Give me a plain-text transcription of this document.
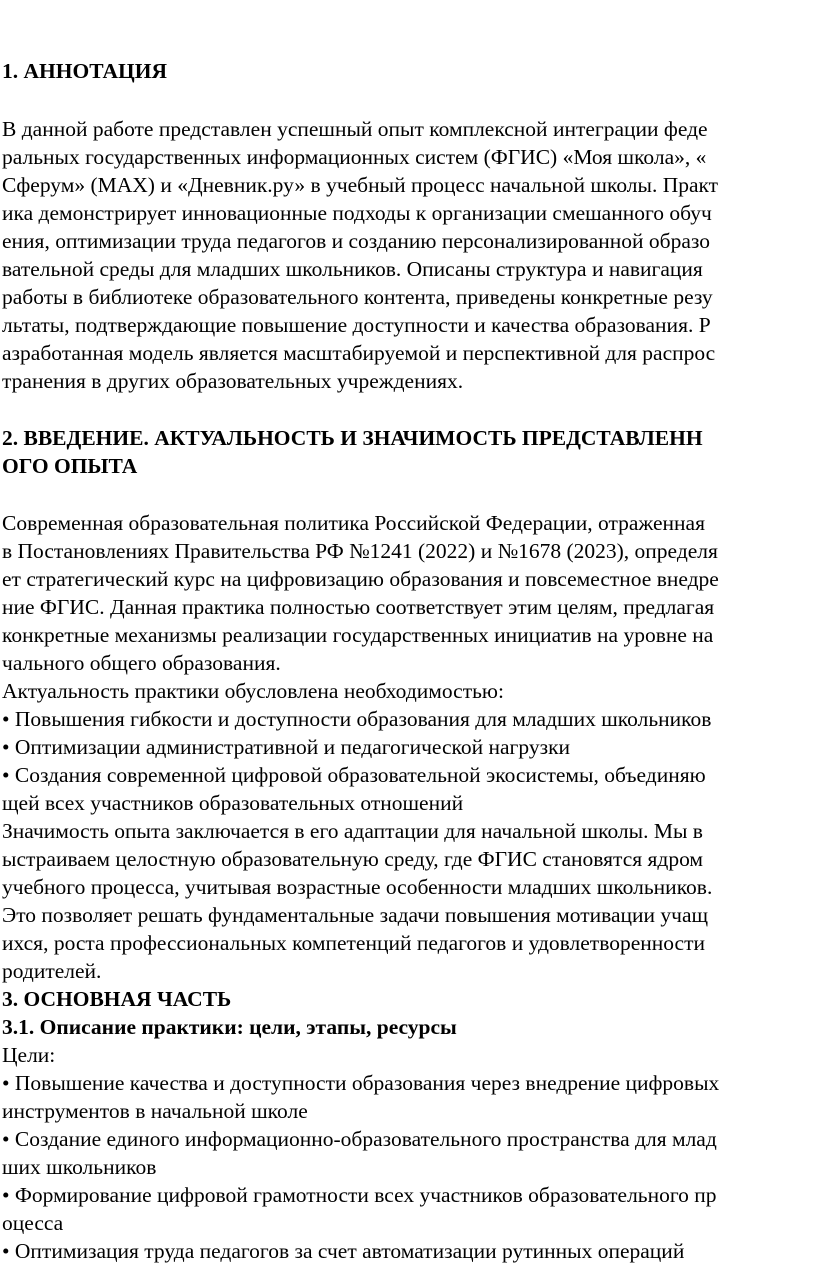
1. АННОТАЦИЯ
В данной работе представлен успешный опыт комплексной интеграции феде
ральных государственных информационных систем (ФГИС) «Моя школа», «
Сферум» (МАХ) и «Дневник.ру» в учебный процесс начальной школы. Практ
ика демонстрирует инновационные подходы к организации смешанного обуч
ения, оптимизации труда педагогов и созданию персонализированной образо
вательной среды для младших школьников. Описаны структура и навигация
работы в библиотеке образовательного контента, приведены конкретные резу
льтаты, подтверждающие повышение доступности и качества образования. Р
азработанная модель является масштабируемой и перспективной для распрос
транения в других образовательных учреждениях.
2. ВВЕДЕНИЕ. АКТУАЛЬНОСТЬ И ЗНАЧИМОСТЬ ПРЕДСТАВЛЕНН
ОГО ОПЫТА
Современная образовательная политика Российской Федерации, отраженная
в Постановлениях Правительства РФ №1241 (2022) и №1678 (2023), определя
ет стратегический курс на цифровизацию образования и повсеместное внедре
ние ФГИС. Данная практика полностью соответствует этим целям, предлагая
конкретные механизмы реализации государственных инициатив на уровне на
чального общего образования.
Актуальность практики обусловлена необходимостью:
• Повышения гибкости и доступности образования для младших школьников
• Оптимизации административной и педагогической нагрузки
• Создания современной цифровой образовательной экосистемы, объединяю
щей всех участников образовательных отношений
Значимость опыта заключается в его адаптации для начальной школы. Мы в
ыстраиваем целостную образовательную среду, где ФГИС становятся ядром
учебного процесса, учитывая возрастные особенности младших школьников.
Это позволяет решать фундаментальные задачи повышения мотивации учащ
ихся, роста профессиональных компетенций педагогов и удовлетворенности
родителей.
3. ОСНОВНАЯ ЧАСТЬ
3.1. Описание практики: цели, этапы, ресурсы
Цели:
• Повышение качества и доступности образования через внедрение цифровых
инструментов в начальной школе
• Создание единого информационно-образовательного пространства для млад
ших школьников
• Формирование цифровой грамотности всех участников образовательного пр
оцесса
• Оптимизация труда педагогов за счет автоматизации рутинных операций
